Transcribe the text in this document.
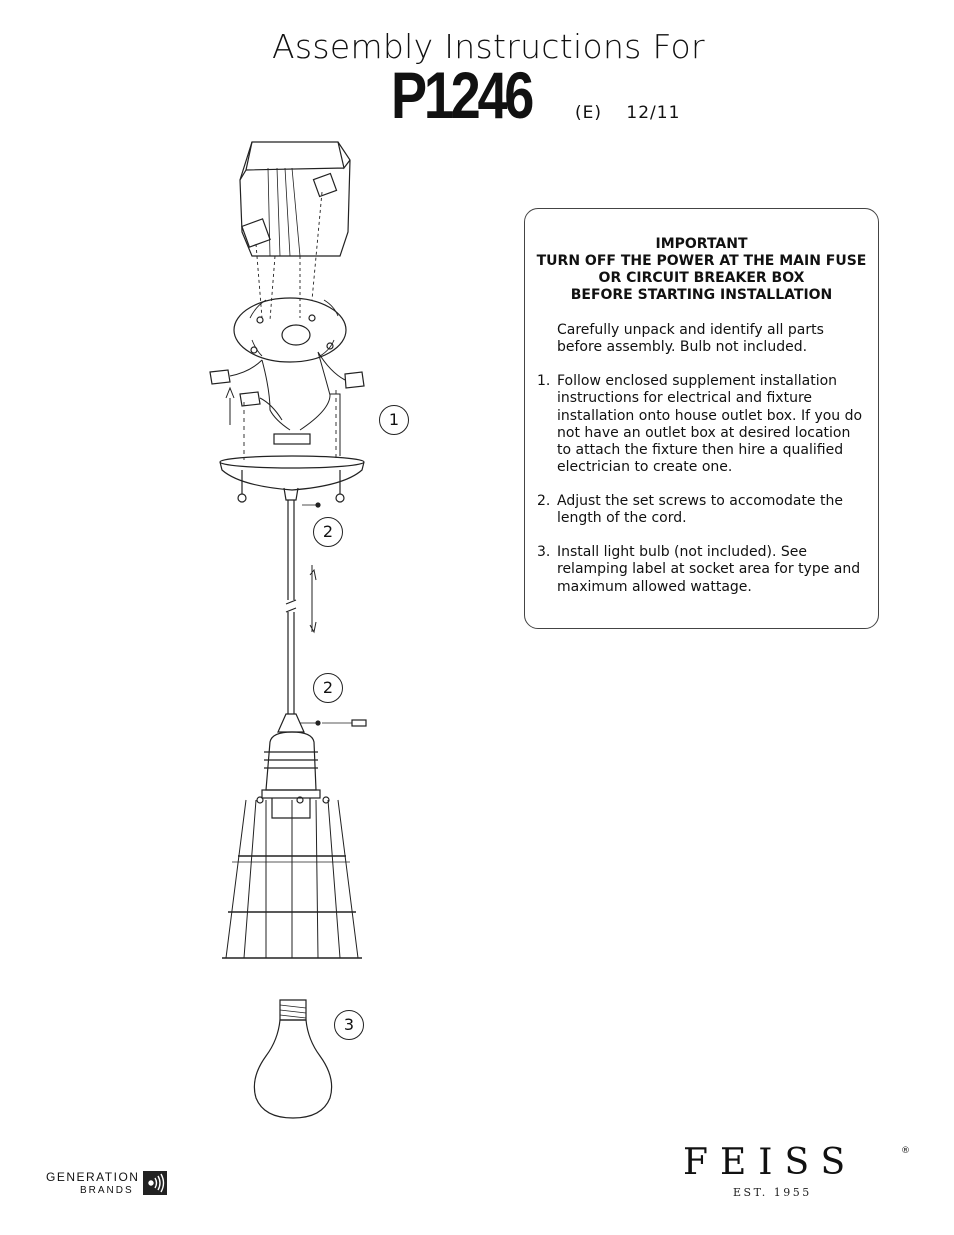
Assembly Instructions For
P1246	(E) 12/11
IMPORTANT
TURN OFF THE POWER AT THE MAIN FUSE
OR CIRCUIT BREAKER BOX
BEFORE STARTING INSTALLATION
Carefully unpack and identify all parts before assembly. Bulb not included.
1. Follow enclosed supplement installation instructions for electrical and fixture installation onto house outlet box. If you do not have an outlet box at desired location to attach the fixture then hire a qualified electrician to create one.
2. Adjust the set screws to accomodate the length of the cord.
3. Install light bulb (not included). See relamping label at socket area for type and maximum allowed wattage.
1
2
2
3
GENERATION
BRANDS
FEISS	®
EST. 1955
